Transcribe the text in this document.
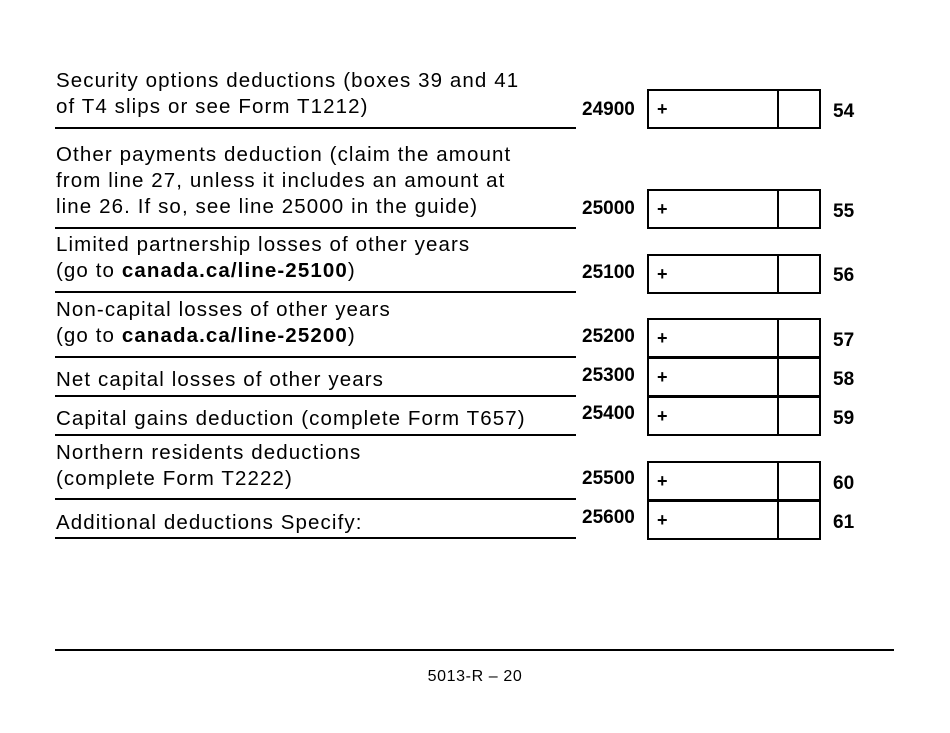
Security options deductions (boxes 39 and 41
of T4 slips or see Form T1212)	24900 +	54
Other payments deduction (claim the amount
from line 27, unless it includes an amount at
line 26. If so, see line 25000 in the guide)	25000 +	55
Limited partnership losses of other years
(go to canada.ca/line-25100)	25100 +	56
Non-capital losses of other years
(go to canada.ca/line-25200)	25200 +	57
Net capital losses of other years	25300 +	58
Capital gains deduction (complete Form T657)	25400 +	59
Northern residents deductions
(complete Form T2222)	25500 +	60
Additional deductions Specify:	25600 +	61
5013-R – 20
